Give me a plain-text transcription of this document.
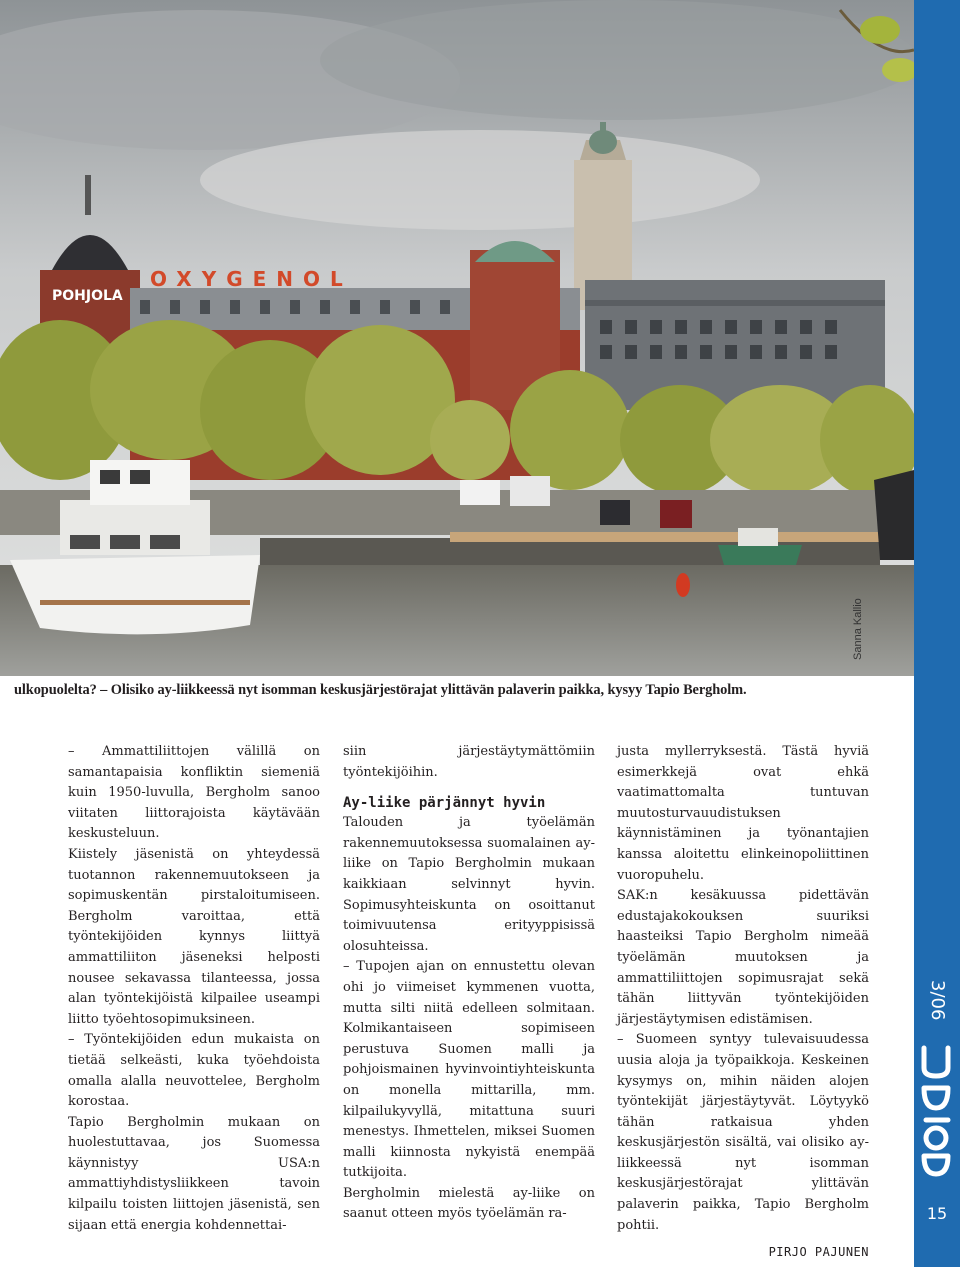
OXYGENOL
POHJOLA
Sanna Kallio
ulkopuolelta? – Olisiko ay-liikkeessä nyt isomman keskusjärjestörajat ylittävän palaverin paikka, kysyy Tapio Bergholm.

– Ammattiliittojen välillä on samantapaisia konfliktin siemeniä kuin 1950-luvulla, Bergholm sanoo viitaten liittorajoista käytävään keskusteluun.

Kiistely jäsenistä on yhteydessä tuotannon rakennemuutokseen ja sopimuskentän pirstaloitumiseen. Bergholm varoittaa, että työntekijöiden kynnys liittyä ammattiliiton jäseneksi helposti nousee sekavassa tilanteessa, jossa alan työntekijöistä kilpailee useampi liitto työehtosopimuksineen.

– Työntekijöiden edun mukaista on tietää selkeästi, kuka työehdoista omalla alalla neuvottelee, Bergholm korostaa.

Tapio Bergholmin mukaan on huolestuttavaa, jos Suomessa käynnistyy USA:n ammattiyhdistysliikkeen tavoin kilpailu toisten liittojen jäsenistä, sen sijaan että energia kohdennettai-

siin järjestäytymättömiin työntekijöihin.

Ay-liike pärjännyt hyvin

Talouden ja työelämän rakennemuutoksessa suomalainen ay-liike on Tapio Bergholmin mukaan kaikkiaan selvinnyt hyvin. Sopimusyhteiskunta on osoittanut toimivuutensa erityyppisissä olosuhteissa.

– Tupojen ajan on ennustettu olevan ohi jo viimeiset kymmenen vuotta, mutta silti niitä edelleen solmitaan. Kolmikantaiseen sopimiseen perustuva Suomen malli ja pohjoismainen hyvinvointiyhteiskunta on monella mittarilla, mm. kilpailukyvyllä, mitattuna suuri menestys. Ihmettelen, miksei Suomen malli kiinnosta nykyistä enempää tutkijoita.

Bergholmin mielestä ay-liike on saanut otteen myös työelämän ra-

justa myllerryksestä. Tästä hyviä esimerkkejä ovat ehkä vaatimattomalta tuntuvan muutosturvauudistuksen käynnistäminen ja työnantajien kanssa aloitettu elinkeinopoliittinen vuoropuhelu.

SAK:n kesäkuussa pidettävän edustajakokouksen suuriksi haasteiksi Tapio Bergholm nimeää työelämän muutoksen ja ammattiliittojen sopimusrajat sekä tähän liittyvän työntekijöiden järjestäytymisen edistämisen.

– Suomeen syntyy tulevaisuudessa uusia aloja ja työpaikkoja. Keskeinen kysymys on, mihin näiden alojen työntekijät järjestäytyvät. Löytyykö tähän ratkaisua yhden keskusjärjestön sisältä, vai olisiko ay-liikkeessä nyt isomman keskusjärjestörajat ylittävän palaverin paikka, Tapio Bergholm pohtii.

PIRJO PAJUNEN
3/06
15
